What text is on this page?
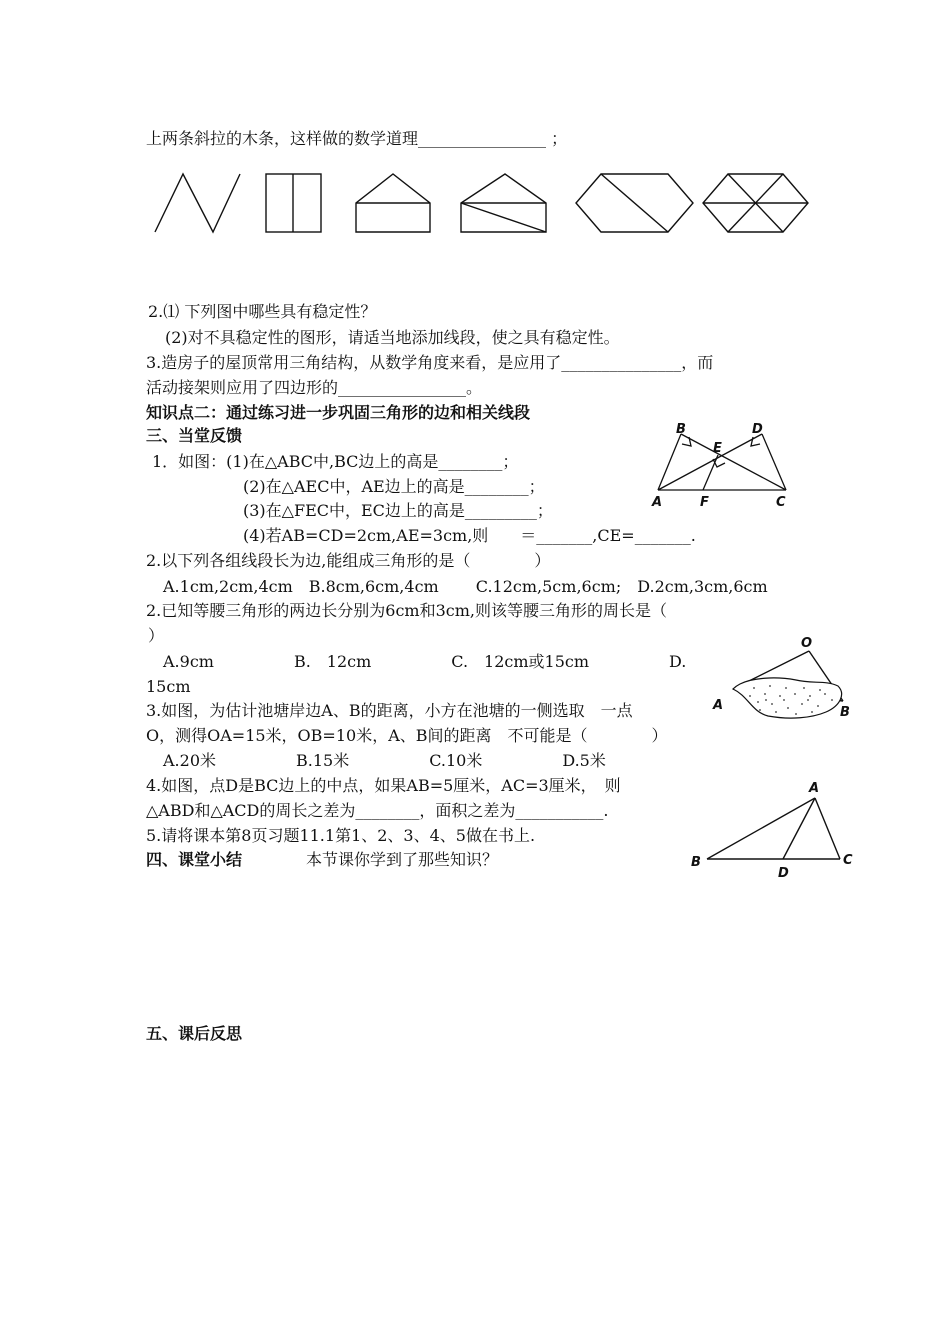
上两条斜拉的木条，这样做的数学道理________________ ；
2.⑴ 下列图中哪些具有稳定性？
(2)对不具稳定性的图形，请适当地添加线段，使之具有稳定性。
3.造房子的屋顶常用三角结构，从数学角度来看，是应用了_______________，而
活动接架则应用了四边形的________________。
知识点二：通过练习进一步巩固三角形的边和相关线段
三、当堂反馈
1．如图：(1)在△ABC中,BC边上的高是________；
(2)在△AEC中，AE边上的高是________；
(3)在△FEC中，EC边上的高是_________；
(4)若AB=CD=2cm,AE=3cm,则　　＝_______,CE=_______.
B	D
E
A	F	C
2.以下列各组线段长为边,能组成三角形的是（　　　　）
A.1cm,2cm,4cm　B.8cm,6cm,4cm　　 C.12cm,5cm,6cm;　D.2cm,3cm,6cm
2.已知等腰三角形的两边长分别为6cm和3cm,则该等腰三角形的周长是（
）
A.9cm　　　　　B.　12cm　　　　　C.　12cm或15cm　　　　　D.
15cm
3.如图，为估计池塘岸边A、B的距离，小方在池塘的一侧选取　一点
O，测得OA=15米，OB=10米，A、B间的距离　不可能是（　　　　）
A.20米　　　　　B.15米　　　　　C.10米　　　　　D.5米
O
A	B
4.如图，点D是BC边上的中点，如果AB=5厘米，AC=3厘米，　则
△ABD和△ACD的周长之差为________，面积之差为___________.
5.请将课本第8页习题11.1第1、2、3、4、5做在书上.
A
B
D
C
四、课堂小结	本节课你学到了那些知识？
五、课后反思
